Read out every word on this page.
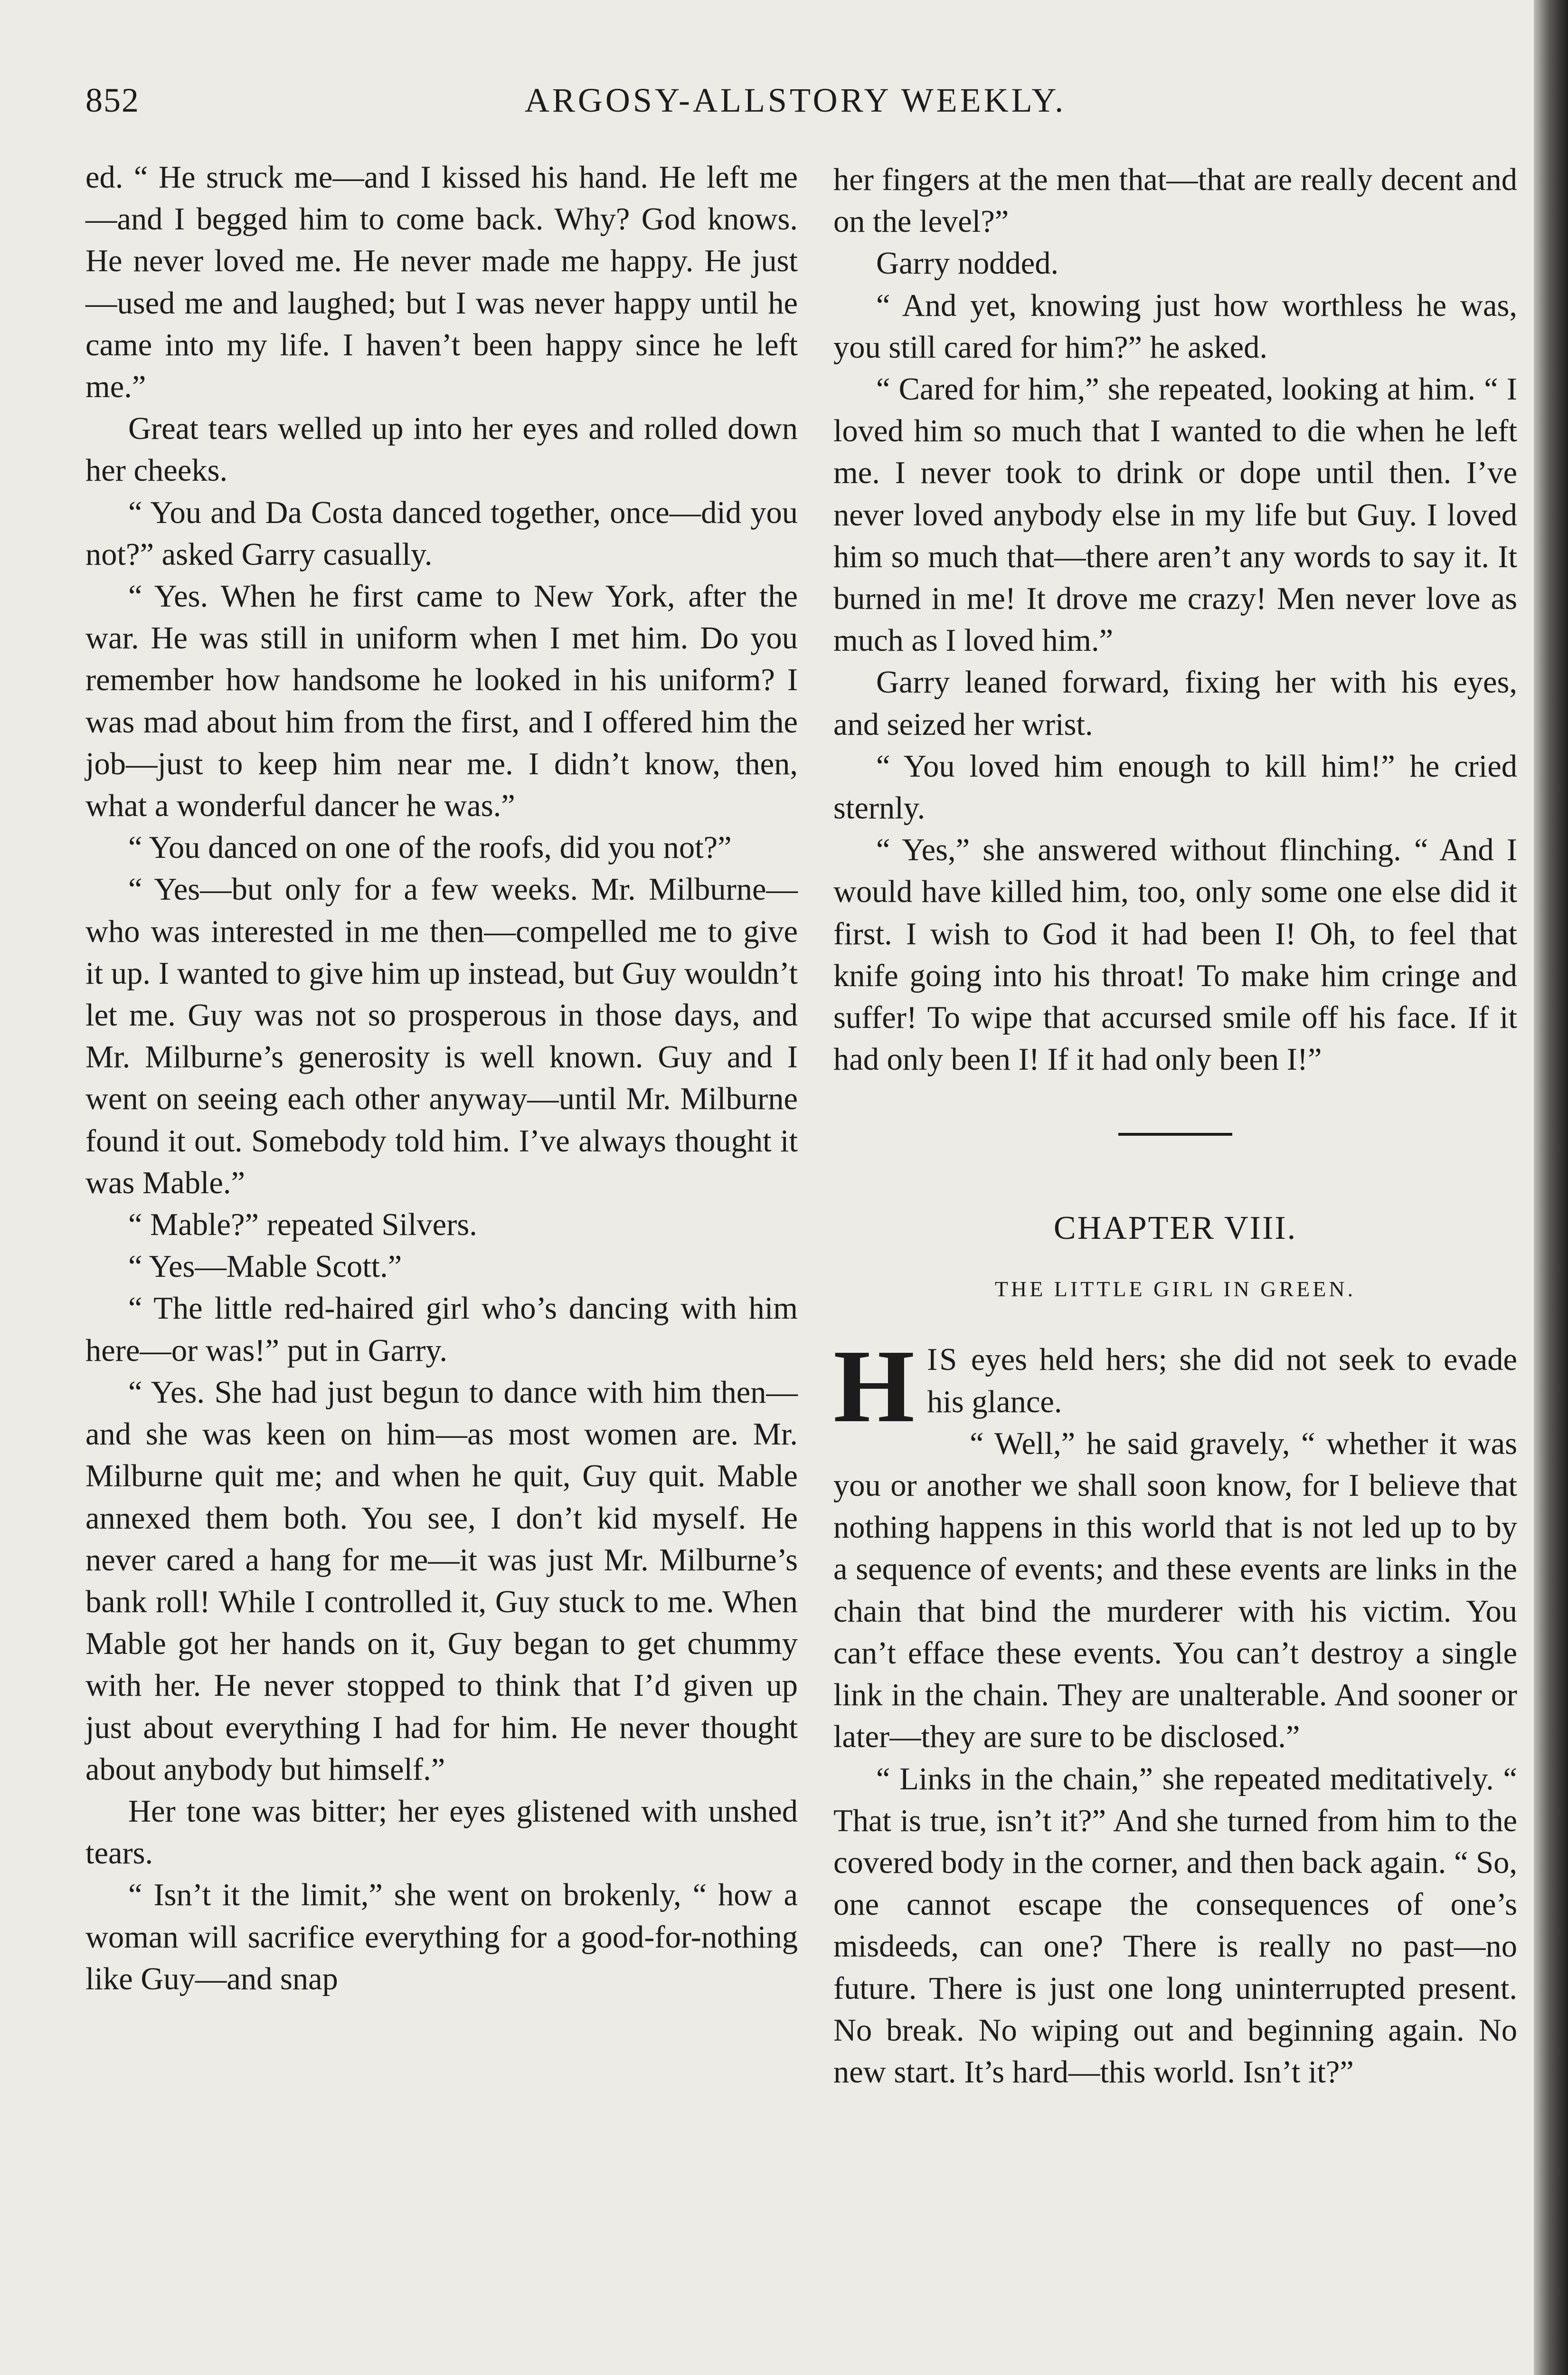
852	ARGOSY-ALLSTORY WEEKLY.

ed. “ He struck me—and I kissed his hand. He left me—and I begged him to come back. Why? God knows. He never loved me. He never made me happy. He just—used me and laughed; but I was never happy until he came into my life. I haven’t been happy since he left me.”

Great tears welled up into her eyes and rolled down her cheeks.

“ You and Da Costa danced together, once—did you not?” asked Garry casually.

“ Yes. When he first came to New York, after the war. He was still in uniform when I met him. Do you remember how handsome he looked in his uniform? I was mad about him from the first, and I offered him the job—just to keep him near me. I didn’t know, then, what a wonderful dancer he was.”

“ You danced on one of the roofs, did you not?”

“ Yes—but only for a few weeks. Mr. Milburne—who was interested in me then—compelled me to give it up. I wanted to give him up instead, but Guy wouldn’t let me. Guy was not so prosperous in those days, and Mr. Milburne’s generosity is well known. Guy and I went on seeing each other anyway—until Mr. Milburne found it out. Somebody told him. I’ve always thought it was Mable.”

“ Mable?” repeated Silvers.

“ Yes—Mable Scott.”

“ The little red-haired girl who’s dancing with him here—or was!” put in Garry.

“ Yes. She had just begun to dance with him then—and she was keen on him—as most women are. Mr. Milburne quit me; and when he quit, Guy quit. Mable annexed them both. You see, I don’t kid myself. He never cared a hang for me—it was just Mr. Milburne’s bank roll! While I controlled it, Guy stuck to me. When Mable got her hands on it, Guy began to get chummy with her. He never stopped to think that I’d given up just about everything I had for him. He never thought about anybody but himself.”

Her tone was bitter; her eyes glistened with unshed tears.

“ Isn’t it the limit,” she went on brokenly, “ how a woman will sacrifice everything for a good-for-nothing like Guy—and snap

her fingers at the men that—that are really decent and on the level?”

Garry nodded.

“ And yet, knowing just how worthless he was, you still cared for him?” he asked.

“ Cared for him,” she repeated, looking at him. “ I loved him so much that I wanted to die when he left me. I never took to drink or dope until then. I’ve never loved anybody else in my life but Guy. I loved him so much that—there aren’t any words to say it. It burned in me! It drove me crazy! Men never love as much as I loved him.”

Garry leaned forward, fixing her with his eyes, and seized her wrist.

“ You loved him enough to kill him!” he cried sternly.

“ Yes,” she answered without flinching. “ And I would have killed him, too, only some one else did it first. I wish to God it had been I! Oh, to feel that knife going into his throat! To make him cringe and suffer! To wipe that accursed smile off his face. If it had only been I! If it had only been I!”

CHAPTER VIII.
THE LITTLE GIRL IN GREEN.

HIS eyes held hers; she did not seek to evade his glance.

“ Well,” he said gravely, “ whether it was you or another we shall soon know, for I believe that nothing happens in this world that is not led up to by a sequence of events; and these events are links in the chain that bind the murderer with his victim. You can’t efface these events. You can’t destroy a single link in the chain. They are unalterable. And sooner or later—they are sure to be disclosed.”

“ Links in the chain,” she repeated meditatively. “ That is true, isn’t it?” And she turned from him to the covered body in the corner, and then back again. “ So, one cannot escape the consequences of one’s misdeeds, can one? There is really no past—no future. There is just one long uninterrupted present. No break. No wiping out and beginning again. No new start. It’s hard—this world. Isn’t it?”
